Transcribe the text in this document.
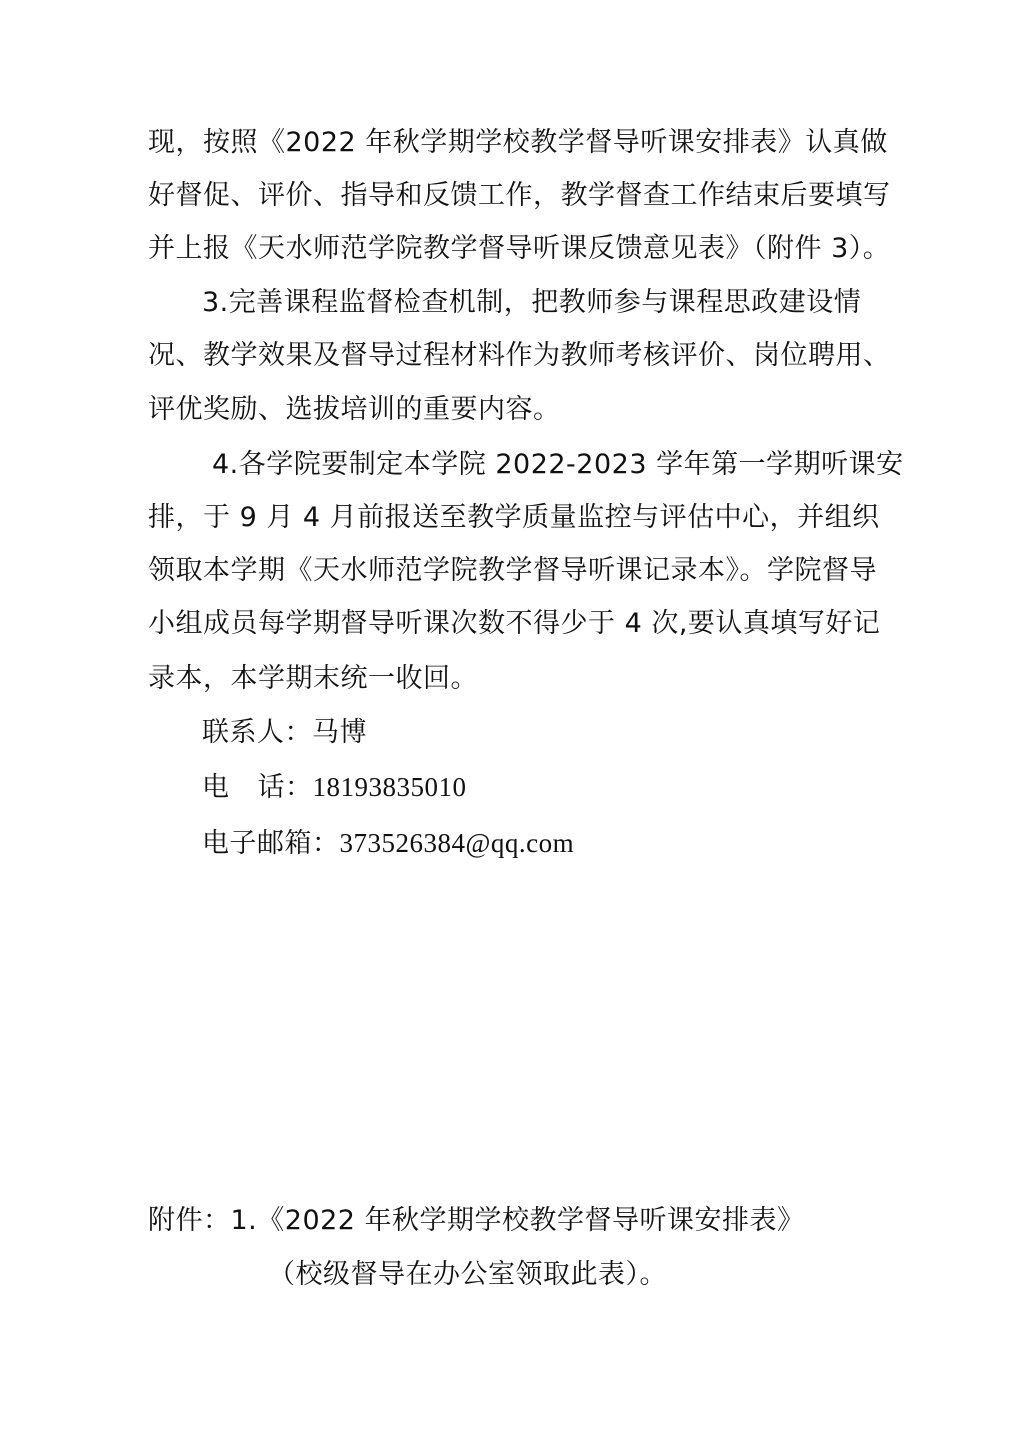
现，按照《2022 年秋学期学校教学督导听课安排表》认真做
好督促、评价、指导和反馈工作，教学督查工作结束后要填写
并上报《天水师范学院教学督导听课反馈意见表》（附件 3）。
3.完善课程监督检查机制，把教师参与课程思政建设情
况、教学效果及督导过程材料作为教师考核评价、岗位聘用、
评优奖励、选拔培训的重要内容。
4.各学院要制定本学院 2022-2023 学年第一学期听课安
排，于 9 月 4 月前报送至教学质量监控与评估中心，并组织
领取本学期《天水师范学院教学督导听课记录本》。学院督导
小组成员每学期督导听课次数不得少于 4 次,要认真填写好记
录本，本学期末统一收回。
联系人：马博
电 话：18193835010
电子邮箱：373526384@qq.com
附件：1.《2022 年秋学期学校教学督导听课安排表》
（校级督导在办公室领取此表）。
